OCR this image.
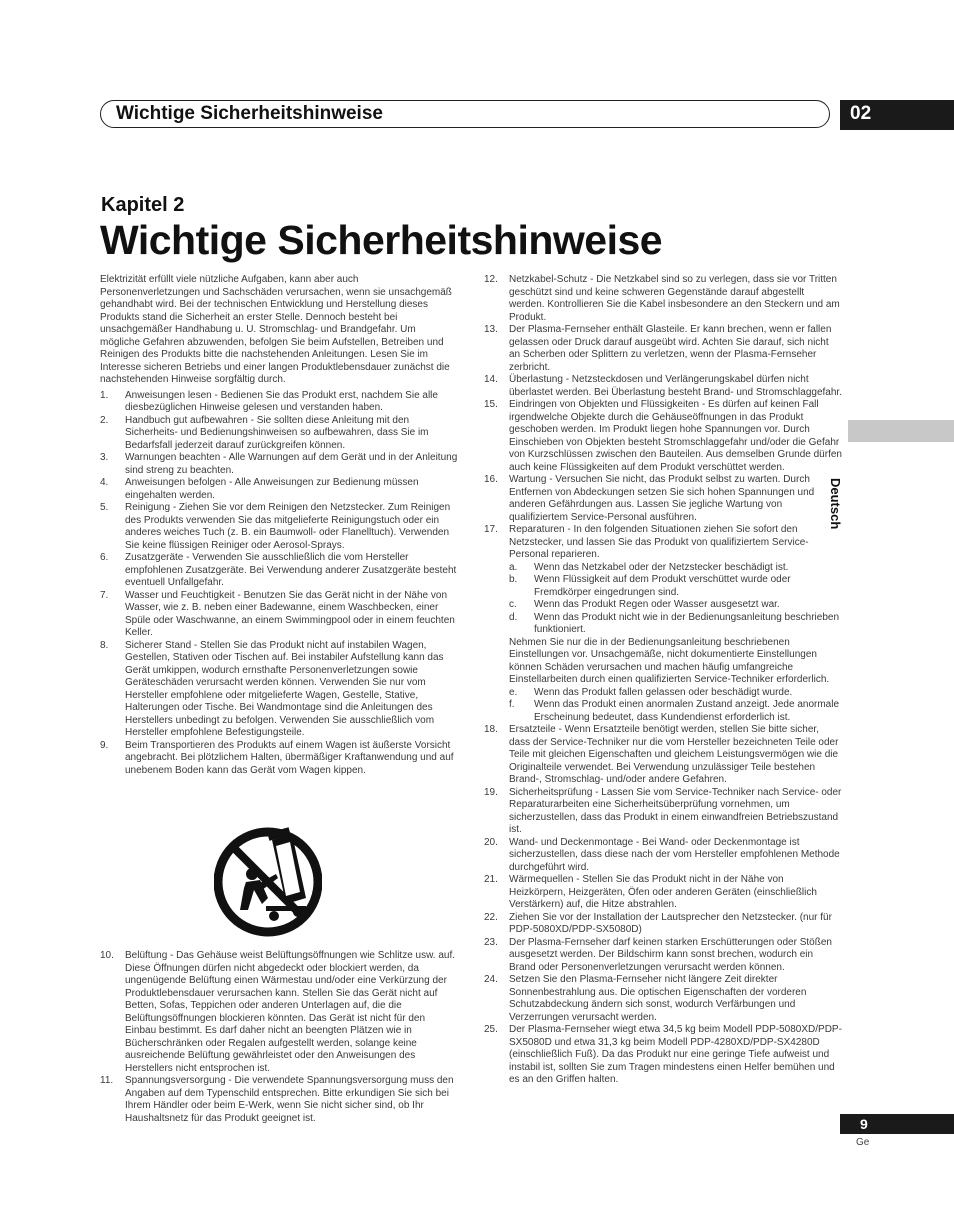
Wichtige Sicherheitshinweise	02
Kapitel 2
Wichtige Sicherheitshinweise

Elektrizität erfüllt viele nützliche Aufgaben, kann aber auch Personenverletzungen und Sachschäden verursachen, wenn sie unsachgemäß gehandhabt wird. Bei der technischen Entwicklung und Herstellung dieses Produkts stand die Sicherheit an erster Stelle. Dennoch besteht bei unsachgemäßer Handhabung u. U. Stromschlag- und Brandgefahr. Um mögliche Gefahren abzuwenden, befolgen Sie beim Aufstellen, Betreiben und Reinigen des Produkts bitte die nachstehenden Anleitungen. Lesen Sie im Interesse sicheren Betriebs und einer langen Produktlebensdauer zunächst die nachstehenden Hinweise sorgfältig durch.

1. Anweisungen lesen - Bedienen Sie das Produkt erst, nachdem Sie alle diesbezüglichen Hinweise gelesen und verstanden haben.
2. Handbuch gut aufbewahren - Sie sollten diese Anleitung mit den Sicherheits- und Bedienungshinweisen so aufbewahren, dass Sie im Bedarfsfall jederzeit darauf zurückgreifen können.
3. Warnungen beachten - Alle Warnungen auf dem Gerät und in der Anleitung sind streng zu beachten.
4. Anweisungen befolgen - Alle Anweisungen zur Bedienung müssen eingehalten werden.
5. Reinigung - Ziehen Sie vor dem Reinigen den Netzstecker. Zum Reinigen des Produkts verwenden Sie das mitgelieferte Reinigungstuch oder ein anderes weiches Tuch (z. B. ein Baumwoll- oder Flanelltuch). Verwenden Sie keine flüssigen Reiniger oder Aerosol-Sprays.
6. Zusatzgeräte - Verwenden Sie ausschließlich die vom Hersteller empfohlenen Zusatzgeräte. Bei Verwendung anderer Zusatzgeräte besteht eventuell Unfallgefahr.
7. Wasser und Feuchtigkeit - Benutzen Sie das Gerät nicht in der Nähe von Wasser, wie z. B. neben einer Badewanne, einem Waschbecken, einer Spüle oder Waschwanne, an einem Swimmingpool oder in einem feuchten Keller.
8. Sicherer Stand - Stellen Sie das Produkt nicht auf instabilen Wagen, Gestellen, Stativen oder Tischen auf. Bei instabiler Aufstellung kann das Gerät umkippen, wodurch ernsthafte Personenverletzungen sowie Geräteschäden verursacht werden können. Verwenden Sie nur vom Hersteller empfohlene oder mitgelieferte Wagen, Gestelle, Stative, Halterungen oder Tische. Bei Wandmontage sind die Anleitungen des Herstellers unbedingt zu befolgen. Verwenden Sie ausschließlich vom Hersteller empfohlene Befestigungsteile.
9. Beim Transportieren des Produkts auf einem Wagen ist äußerste Vorsicht angebracht. Bei plötzlichem Halten, übermäßiger Kraftanwendung und auf unebenem Boden kann das Gerät vom Wagen kippen.
10. Belüftung - Das Gehäuse weist Belüftungsöffnungen wie Schlitze usw. auf. Diese Öffnungen dürfen nicht abgedeckt oder blockiert werden, da ungenügende Belüftung einen Wärmestau und/oder eine Verkürzung der Produktlebensdauer verursachen kann. Stellen Sie das Gerät nicht auf Betten, Sofas, Teppichen oder anderen Unterlagen auf, die die Belüftungsöffnungen blockieren könnten. Das Gerät ist nicht für den Einbau bestimmt. Es darf daher nicht an beengten Plätzen wie in Bücherschränken oder Regalen aufgestellt werden, solange keine ausreichende Belüftung gewährleistet oder den Anweisungen des Herstellers nicht entsprochen ist.
11. Spannungsversorgung - Die verwendete Spannungsversorgung muss den Angaben auf dem Typenschild entsprechen. Bitte erkundigen Sie sich bei Ihrem Händler oder beim E-Werk, wenn Sie nicht sicher sind, ob Ihr Haushaltsnetz für das Produkt geeignet ist.
12. Netzkabel-Schutz - Die Netzkabel sind so zu verlegen, dass sie vor Tritten geschützt sind und keine schweren Gegenstände darauf abgestellt werden. Kontrollieren Sie die Kabel insbesondere an den Steckern und am Produkt.
13. Der Plasma-Fernseher enthält Glasteile. Er kann brechen, wenn er fallen gelassen oder Druck darauf ausgeübt wird. Achten Sie darauf, sich nicht an Scherben oder Splittern zu verletzen, wenn der Plasma-Fernseher zerbricht.
14. Überlastung - Netzsteckdosen und Verlängerungskabel dürfen nicht überlastet werden. Bei Überlastung besteht Brand- und Stromschlaggefahr.
15. Eindringen von Objekten und Flüssigkeiten - Es dürfen auf keinen Fall irgendwelche Objekte durch die Gehäuseöffnungen in das Produkt geschoben werden. Im Produkt liegen hohe Spannungen vor. Durch Einschieben von Objekten besteht Stromschlaggefahr und/oder die Gefahr von Kurzschlüssen zwischen den Bauteilen. Aus demselben Grunde dürfen auch keine Flüssigkeiten auf dem Produkt verschüttet werden.
16. Wartung - Versuchen Sie nicht, das Produkt selbst zu warten. Durch Entfernen von Abdeckungen setzen Sie sich hohen Spannungen und anderen Gefährdungen aus. Lassen Sie jegliche Wartung von qualifiziertem Service-Personal ausführen.
17. Reparaturen - In den folgenden Situationen ziehen Sie sofort den Netzstecker, und lassen Sie das Produkt von qualifiziertem Service-Personal reparieren.
a. Wenn das Netzkabel oder der Netzstecker beschädigt ist.
b. Wenn Flüssigkeit auf dem Produkt verschüttet wurde oder Fremdkörper eingedrungen sind.
c. Wenn das Produkt Regen oder Wasser ausgesetzt war.
d. Wenn das Produkt nicht wie in der Bedienungsanleitung beschrieben funktioniert.

Nehmen Sie nur die in der Bedienungsanleitung beschriebenen Einstellungen vor. Unsachgemäße, nicht dokumentierte Einstellungen können Schäden verursachen und machen häufig umfangreiche Einstellarbeiten durch einen qualifizierten Service-Techniker erforderlich.

e. Wenn das Produkt fallen gelassen oder beschädigt wurde.
f. Wenn das Produkt einen anormalen Zustand anzeigt. Jede anormale Erscheinung bedeutet, dass Kundendienst erforderlich ist.
18. Ersatzteile - Wenn Ersatzteile benötigt werden, stellen Sie bitte sicher, dass der Service-Techniker nur die vom Hersteller bezeichneten Teile oder Teile mit gleichen Eigenschaften und gleichem Leistungsvermögen wie die Originalteile verwendet. Bei Verwendung unzulässiger Teile bestehen Brand-, Stromschlag- und/oder andere Gefahren.
19. Sicherheitsprüfung - Lassen Sie vom Service-Techniker nach Service- oder Reparaturarbeiten eine Sicherheitsüberprüfung vornehmen, um sicherzustellen, dass das Produkt in einem einwandfreien Betriebszustand ist.
20. Wand- und Deckenmontage - Bei Wand- oder Deckenmontage ist sicherzustellen, dass diese nach der vom Hersteller empfohlenen Methode durchgeführt wird.
21. Wärmequellen - Stellen Sie das Produkt nicht in der Nähe von Heizkörpern, Heizgeräten, Öfen oder anderen Geräten (einschließlich Verstärkern) auf, die Hitze abstrahlen.
22. Ziehen Sie vor der Installation der Lautsprecher den Netzstecker. (nur für PDP-5080XD/PDP-SX5080D)
23. Der Plasma-Fernseher darf keinen starken Erschütterungen oder Stößen ausgesetzt werden. Der Bildschirm kann sonst brechen, wodurch ein Brand oder Personenverletzungen verursacht werden können.
24. Setzen Sie den Plasma-Fernseher nicht längere Zeit direkter Sonnenbestrahlung aus. Die optischen Eigenschaften der vorderen Schutzabdeckung ändern sich sonst, wodurch Verfärbungen und Verzerrungen verursacht werden.
25. Der Plasma-Fernseher wiegt etwa 34,5 kg beim Modell PDP-5080XD/PDP-SX5080D und etwa 31,3 kg beim Modell PDP-4280XD/PDP-SX4280D (einschließlich Fuß). Da das Produkt nur eine geringe Tiefe aufweist und instabil ist, sollten Sie zum Tragen mindestens einen Helfer bemühen und es an den Griffen halten.
Deutsch
9
Ge
